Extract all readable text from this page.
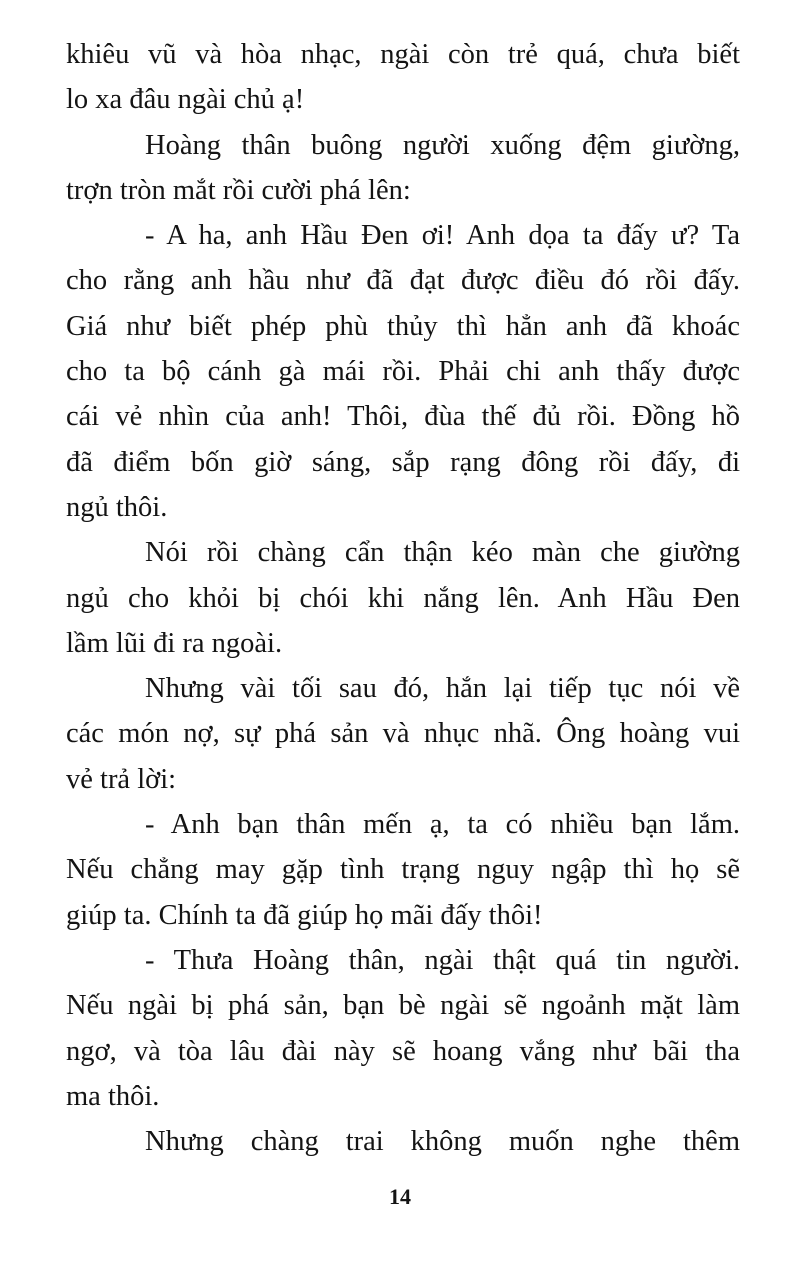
khiêu vũ và hòa nhạc, ngài còn trẻ quá, chưa biết
lo xa đâu ngài chủ ạ!
Hoàng thân buông người xuống đệm giường,
trợn tròn mắt rồi cười phá lên:
- A ha, anh Hầu Đen ơi! Anh dọa ta đấy ư? Ta
cho rằng anh hầu như đã đạt được điều đó rồi đấy.
Giá như biết phép phù thủy thì hẳn anh đã khoác
cho ta bộ cánh gà mái rồi. Phải chi anh thấy được
cái vẻ nhìn của anh! Thôi, đùa thế đủ rồi. Đồng hồ
đã điểm bốn giờ sáng, sắp rạng đông rồi đấy, đi
ngủ thôi.
Nói rồi chàng cẩn thận kéo màn che giường
ngủ cho khỏi bị chói khi nắng lên. Anh Hầu Đen
lầm lũi đi ra ngoài.
Nhưng vài tối sau đó, hắn lại tiếp tục nói về
các món nợ, sự phá sản và nhục nhã. Ông hoàng vui
vẻ trả lời:
- Anh bạn thân mến ạ, ta có nhiều bạn lắm.
Nếu chẳng may gặp tình trạng nguy ngập thì họ sẽ
giúp ta. Chính ta đã giúp họ mãi đấy thôi!
- Thưa Hoàng thân, ngài thật quá tin người.
Nếu ngài bị phá sản, bạn bè ngài sẽ ngoảnh mặt làm
ngơ, và tòa lâu đài này sẽ hoang vắng như bãi tha
ma thôi.
Nhưng chàng trai không muốn nghe thêm
14
